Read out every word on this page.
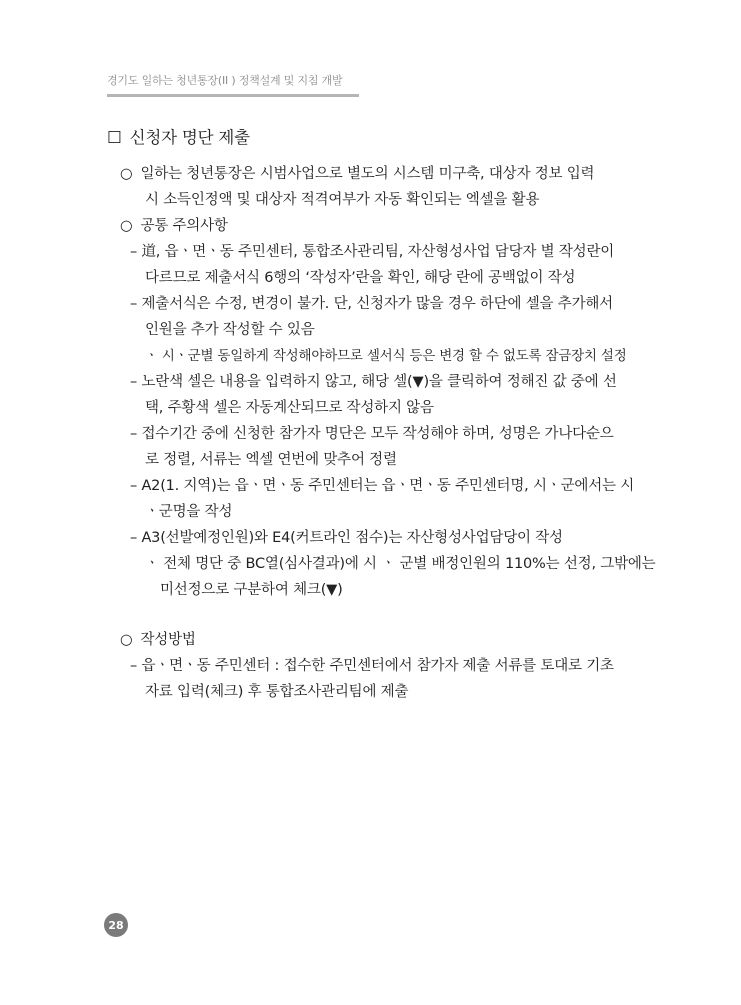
경기도 일하는 청년통장(II ) 정책설계 및 지침 개발
☐ 신청자 명단 제출
○ 일하는 청년통장은 시범사업으로 별도의 시스템 미구축, 대상자 정보 입력
시 소득인정액 및 대상자 적격여부가 자동 확인되는 엑셀을 활용
○ 공통 주의사항
– 道, 읍ㆍ면ㆍ동 주민센터, 통합조사관리팀, 자산형성사업 담당자 별 작성란이
다르므로 제출서식 6행의 ‘작성자’란을 확인, 해당 란에 공백없이 작성
– 제출서식은 수정, 변경이 불가. 단, 신청자가 많을 경우 하단에 셀을 추가해서
인원을 추가 작성할 수 있음
ㆍ 시ㆍ군별 동일하게 작성해야하므로 셀서식 등은 변경 할 수 없도록 잠금장치 설정
– 노란색 셀은 내용을 입력하지 않고, 해당 셀(▼)을 클릭하여 정해진 값 중에 선
택, 주황색 셀은 자동계산되므로 작성하지 않음
– 접수기간 중에 신청한 참가자 명단은 모두 작성해야 하며, 성명은 가나다순으
로 정렬, 서류는 엑셀 연번에 맞추어 정렬
– A2(1. 지역)는 읍ㆍ면ㆍ동 주민센터는 읍ㆍ면ㆍ동 주민센터명, 시ㆍ군에서는 시
ㆍ군명을 작성
– A3(선발예정인원)와 E4(커트라인 점수)는 자산형성사업담당이 작성
ㆍ 전체 명단 중 BC열(심사결과)에 시 ㆍ 군별 배정인원의 110%는 선정, 그밖에는
미선정으로 구분하여 체크(▼)
○ 작성방법
– 읍ㆍ면ㆍ동 주민센터 : 접수한 주민센터에서 참가자 제출 서류를 토대로 기초
자료 입력(체크) 후 통합조사관리팀에 제출
28
